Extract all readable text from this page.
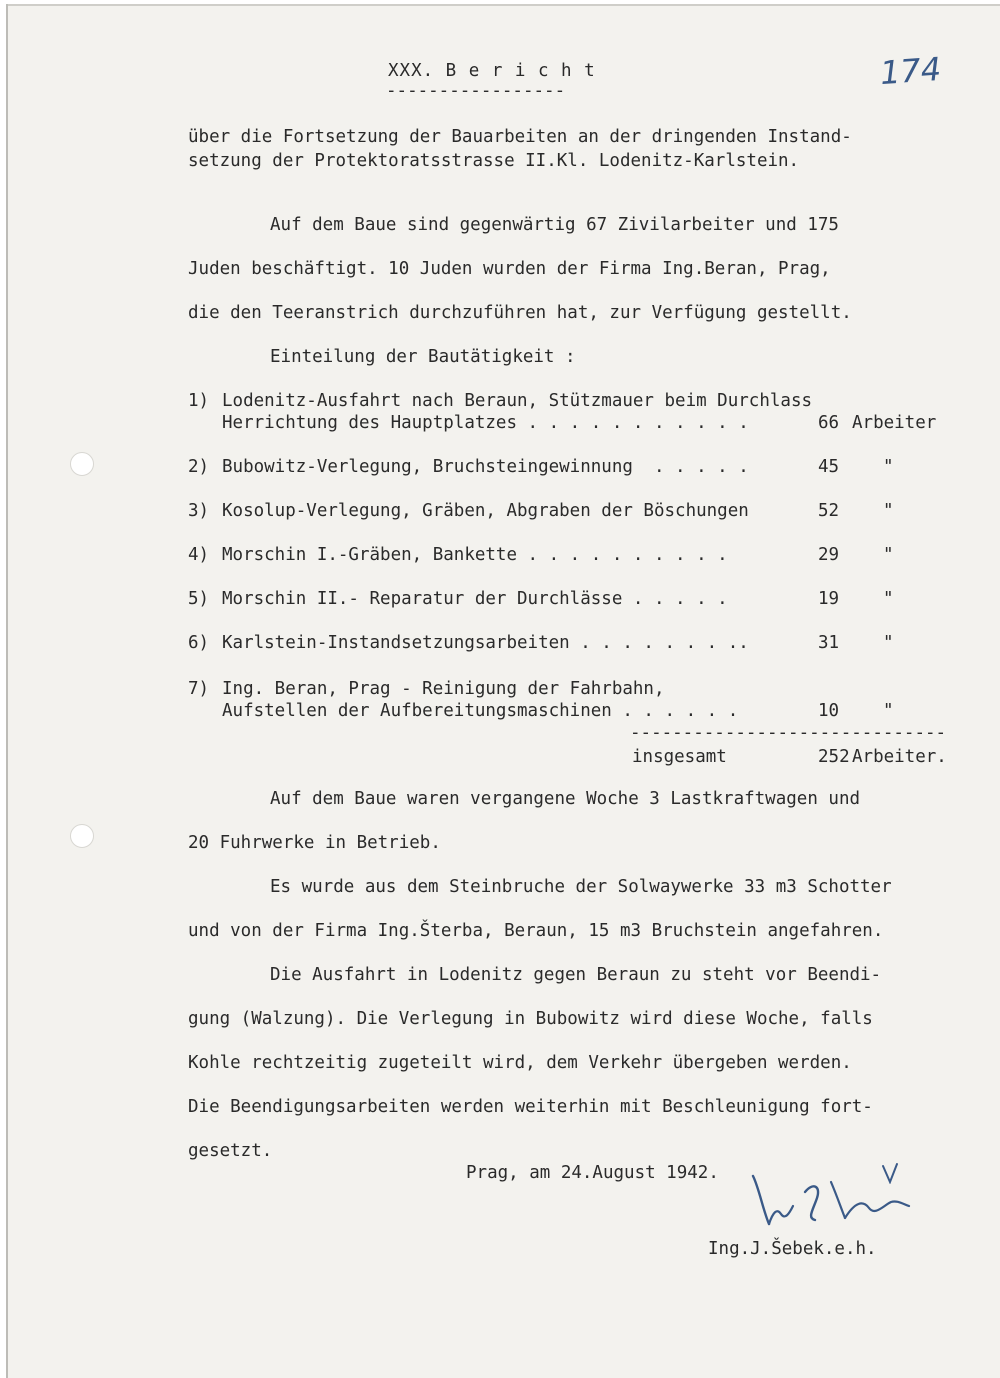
XXX. B e r i c h t

-----------------	174

über die Fortsetzung der Bauarbeiten an der dringenden Instand-

setzung der Protektoratsstrasse II.Kl. Lodenitz-Karlstein.

Auf dem Baue sind gegenwärtig 67 Zivilarbeiter und 175

Juden beschäftigt. 10 Juden wurden der Firma Ing.Beran, Prag,

die den Teeranstrich durchzuführen hat, zur Verfügung gestellt.

Einteilung der Bautätigkeit :

1) Lodenitz-Ausfahrt nach Beraun, Stützmauer beim Durchlass

Herrichtung des Hauptplatzes . . . . . . . . . . .	66 Arbeiter

2) Bubowitz-Verlegung, Bruchsteingewinnung  . . . . .	45	"

3) Kosolup-Verlegung, Gräben, Abgraben der Böschungen	52	"

4) Morschin I.-Gräben, Bankette . . . . . . . . . .	29	"

5) Morschin II.- Reparatur der Durchlässe . . . . .	19	"

6) Karlstein-Instandsetzungsarbeiten . . . . . . . ..	31	"

7) Ing. Beran, Prag - Reinigung der Fahrbahn,

Aufstellen der Aufbereitungsmaschinen . . . . . .	10	"

------------------------------

insgesamt	252 Arbeiter.

Auf dem Baue waren vergangene Woche 3 Lastkraftwagen und

20 Fuhrwerke in Betrieb.

Es wurde aus dem Steinbruche der Solwaywerke 33 m3 Schotter

und von der Firma Ing.Šterba, Beraun, 15 m3 Bruchstein angefahren.

Die Ausfahrt in Lodenitz gegen Beraun zu steht vor Beendi-

gung (Walzung). Die Verlegung in Bubowitz wird diese Woche, falls

Kohle rechtzeitig zugeteilt wird, dem Verkehr übergeben werden.

Die Beendigungsarbeiten werden weiterhin mit Beschleunigung fort-

gesetzt.

Prag, am 24.August 1942.

Ing.J.Šebek.e.h.
